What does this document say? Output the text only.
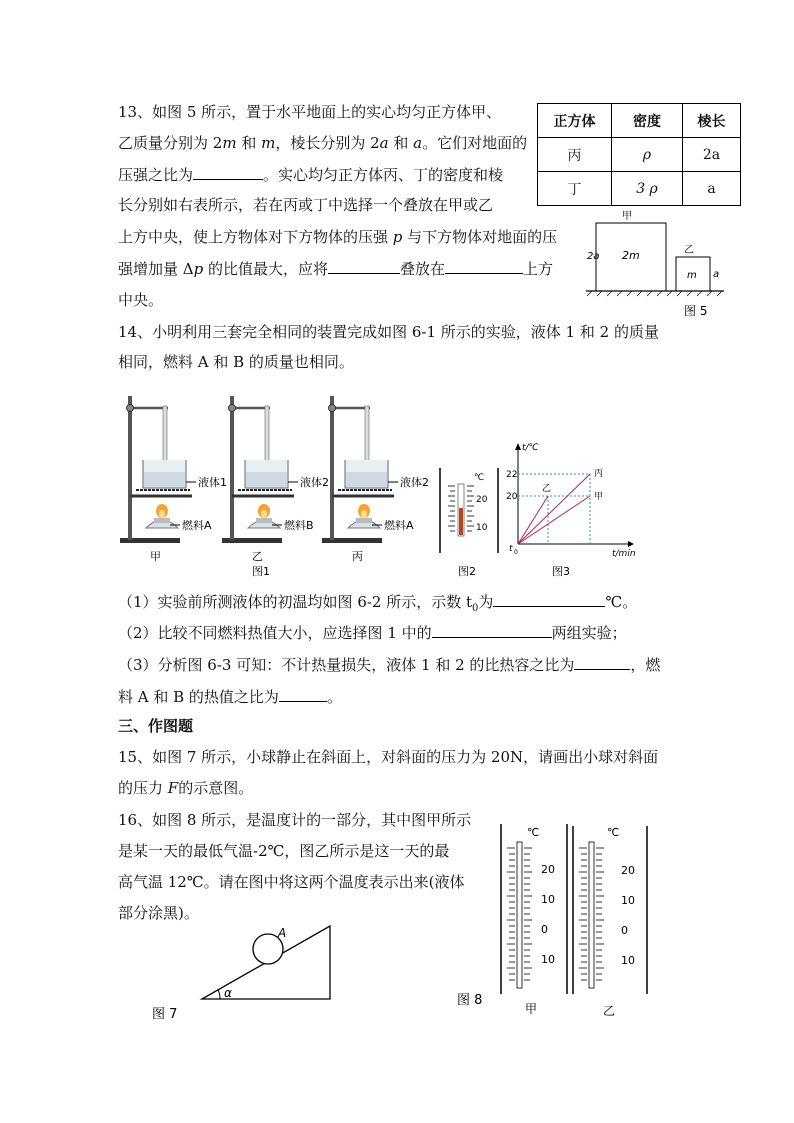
13、如图 5 所示，置于水平地面上的实心均匀正方体甲、
乙质量分别为 2m 和 m，棱长分别为 2a 和 a。它们对地面的
压强之比为	。实心均匀正方体丙、丁的密度和棱
长分别如右表所示，若在丙或丁中选择一个叠放在甲或乙
上方中央，使上方物体对下方物体的压强 p 与下方物体对地面的压
强增加量 Δp 的比值最大，应将	叠放在	上方
中央。
正方体	密度	棱长
丙	ρ	2a
丁	3 ρ	a
甲
2a 2m	乙
m a
图 5
14、小明利用三套完全相同的装置完成如图 6-1 所示的实验，液体 1 和 2 的质量
相同，燃料 A 和 B 的质量也相同。
液体1
燃料A
甲
液体2
燃料B
乙
图1
液体2
燃料A
丙
℃
20
10
图2
t/℃
t/min
22
20
t 0
丙
甲
乙
图3
（1）实验前所测液体的初温均如图 6-2 所示，示数 $t_0$为	℃。
（2）比较不同燃料热值大小，应选择图 1 中的	两组实验；
（3）分析图 6-3 可知：不计热量损失，液体 1 和 2 的比热容之比为	，燃
料 A 和 B 的热值之比为	。
三、作图题
15、如图 7 所示，小球静止在斜面上，对斜面的压力为 20N，请画出小球对斜面
的压力 F的示意图。
16、如图 8 所示，是温度计的一部分，其中图甲所示
是某一天的最低气温-2℃，图乙所示是这一天的最
高气温 12℃。请在图中将这两个温度表示出来(液体
部分涂黑)。
A
α
图 7
℃
20
10
0
10
甲
℃
20
10
0
10
乙
图 8
